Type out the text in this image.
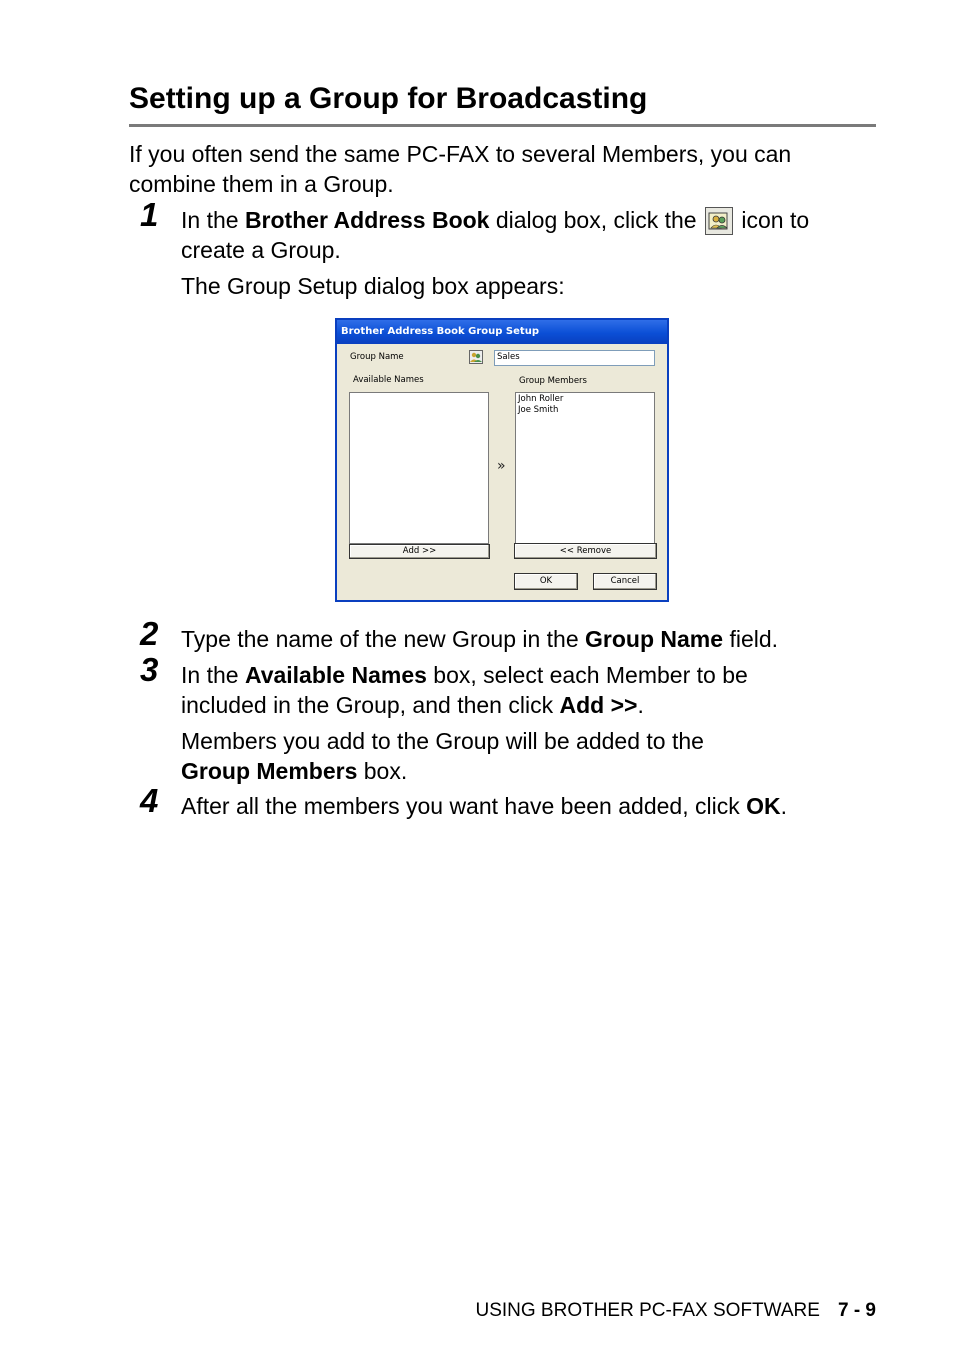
Setting up a Group for Broadcasting

If you often send the same PC-FAX to several Members, you can
combine them in a Group.

1 In the Brother Address Book dialog box, click the
icon to
create a Group.

The Group Setup dialog box appears:

Brother Address Book Group Setup
Group Name	Sales
Available Names	Group Members
»
John Roller
Joe Smith
Add >>	<< Remove
OK	Cancel
2 Type the name of the new Group in the Group Name field.

3 In the Available Names box, select each Member to be
included in the Group, and then click Add >>.

Members you add to the Group will be added to the
Group Members box.

4 After all the members you want have been added, click OK.

USING BROTHER PC-FAX SOFTWARE 7 - 9
